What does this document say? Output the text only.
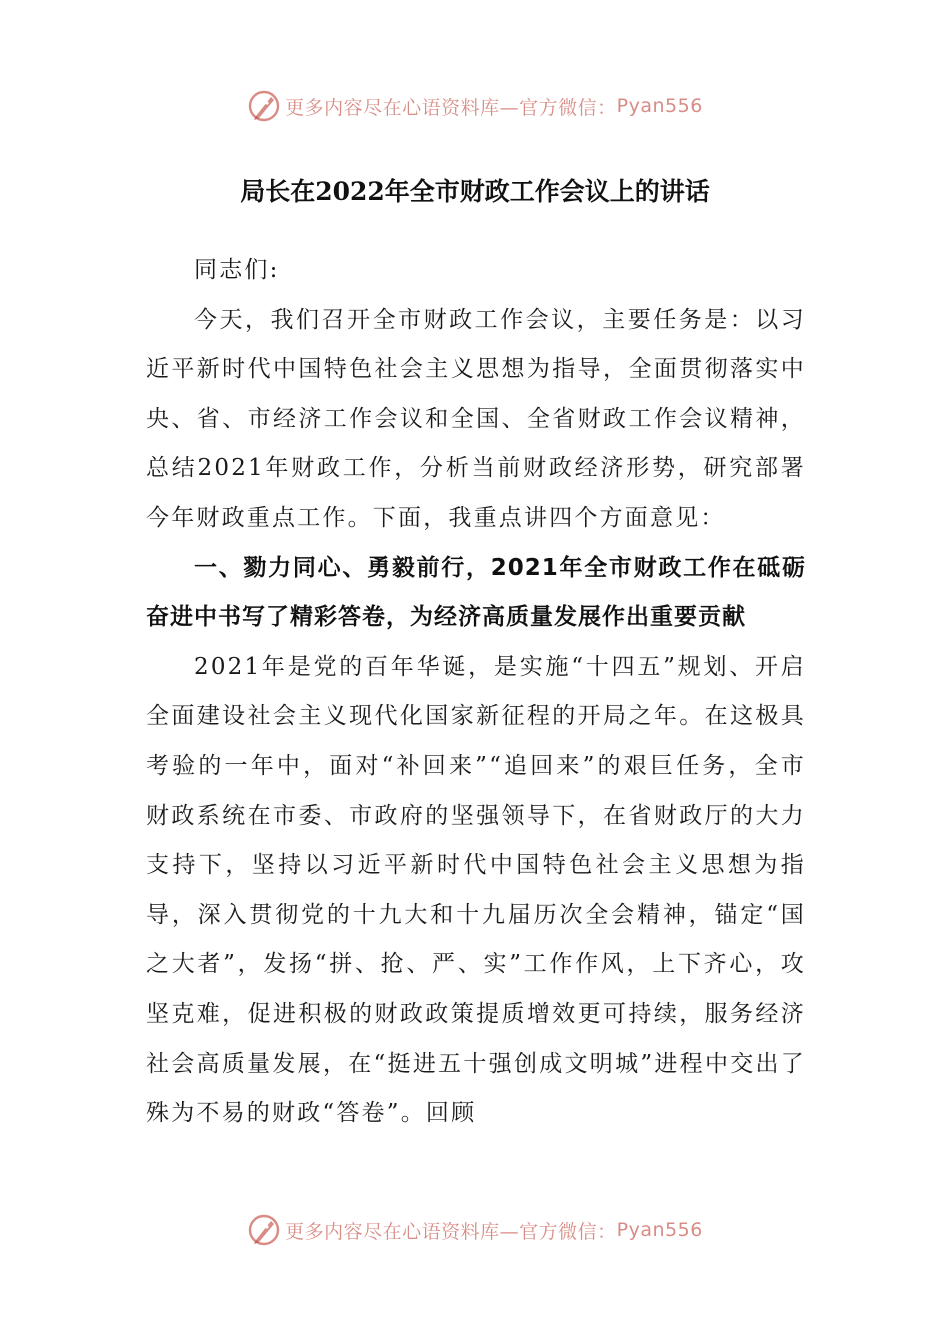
更多内容尽在心语资料库—官方微信： Pyan556
局长在2022年全市财政工作会议上的讲话

同志们:

今天，我们召开全市财政工作会议，主要任务是：以习近平新时代中国特色社会主义思想为指导，全面贯彻落实中央、省、市经济工作会议和全国、全省财政工作会议精神，总结2021年财政工作，分析当前财政经济形势，研究部署今年财政重点工作。下面，我重点讲四个方面意见：

一、勠力同心、勇毅前行，2021年全市财政工作在砥砺奋进中书写了精彩答卷，为经济高质量发展作出重要贡献

2021年是党的百年华诞，是实施“十四五”规划、开启全面建设社会主义现代化国家新征程的开局之年。在这极具考验的一年中，面对“补回来”“追回来”的艰巨任务，全市财政系统在市委、市政府的坚强领导下，在省财政厅的大力支持下，坚持以习近平新时代中国特色社会主义思想为指导，深入贯彻党的十九大和十九届历次全会精神，锚定“国之大者”，发扬“拼、抢、严、实”工作作风，上下齐心，攻坚克难，促进积极的财政政策提质增效更可持续，服务经济社会高质量发展，在“挺进五十强创成文明城”进程中交出了殊为不易的财政“答卷”。回顾

更多内容尽在心语资料库—官方微信： Pyan556
